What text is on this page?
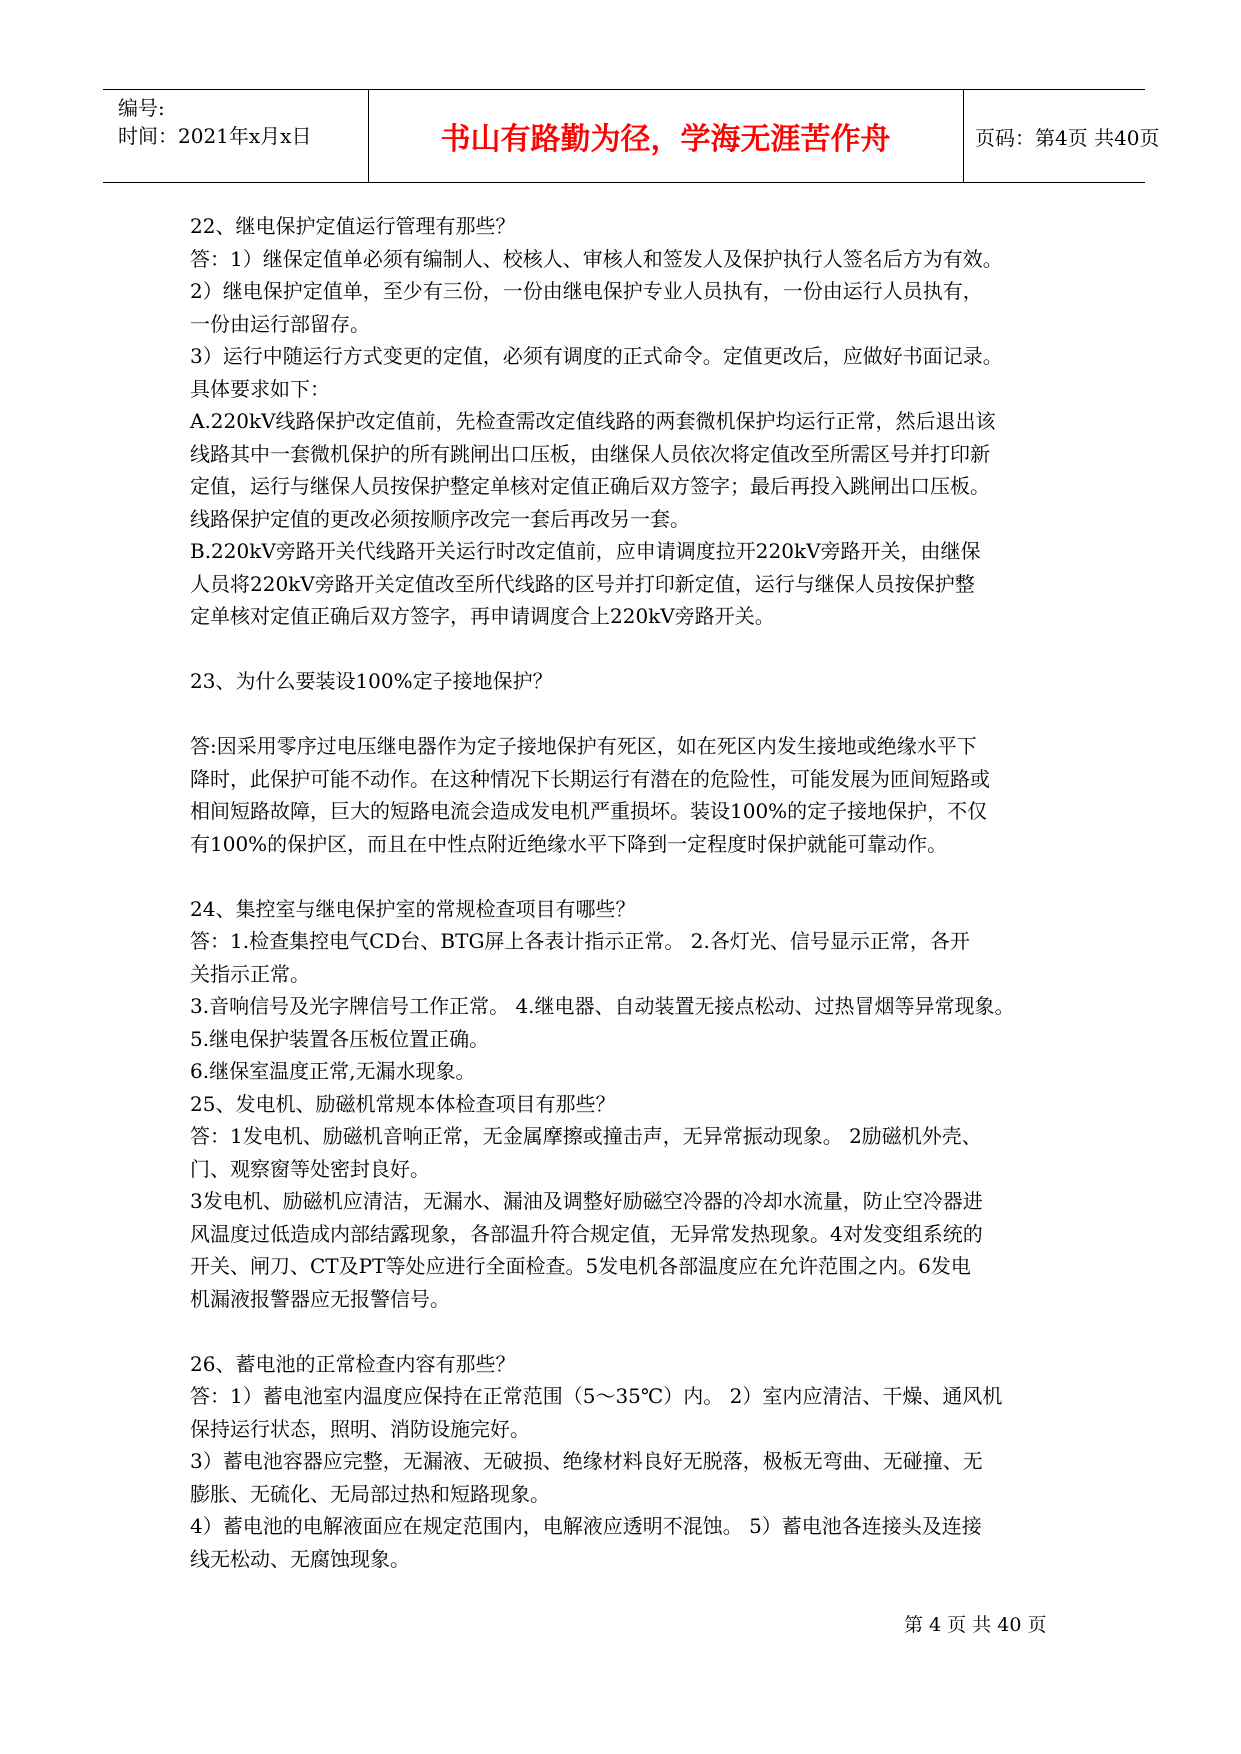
编号:
时间：2021年x月x日	书山有路勤为径，学海无涯苦作舟	页码：第4页 共40页

22、继电保护定值运行管理有那些？

答：1）继保定值单必须有编制人、校核人、审核人和签发人及保护执行人签名后方为有效。

2）继电保护定值单，至少有三份，一份由继电保护专业人员执有，一份由运行人员执有，

一份由运行部留存。

3）运行中随运行方式变更的定值，必须有调度的正式命令。定值更改后，应做好书面记录。

具体要求如下：

A.220kV线路保护改定值前，先检查需改定值线路的两套微机保护均运行正常，然后退出该

线路其中一套微机保护的所有跳闸出口压板，由继保人员依次将定值改至所需区号并打印新

定值，运行与继保人员按保护整定单核对定值正确后双方签字；最后再投入跳闸出口压板。

线路保护定值的更改必须按顺序改完一套后再改另一套。

B.220kV旁路开关代线路开关运行时改定值前，应申请调度拉开220kV旁路开关，由继保

人员将220kV旁路开关定值改至所代线路的区号并打印新定值，运行与继保人员按保护整

定单核对定值正确后双方签字，再申请调度合上220kV旁路开关。

23、为什么要装设100%定子接地保护？

答:因采用零序过电压继电器作为定子接地保护有死区，如在死区内发生接地或绝缘水平下

降时，此保护可能不动作。在这种情况下长期运行有潜在的危险性，可能发展为匝间短路或

相间短路故障，巨大的短路电流会造成发电机严重损坏。装设100%的定子接地保护，不仅

有100%的保护区，而且在中性点附近绝缘水平下降到一定程度时保护就能可靠动作。

24、集控室与继电保护室的常规检查项目有哪些？

答：1.检查集控电气CD台、BTG屏上各表计指示正常。 2.各灯光、信号显示正常，各开

关指示正常。

3.音响信号及光字牌信号工作正常。 4.继电器、自动装置无接点松动、过热冒烟等异常现象。

5.继电保护装置各压板位置正确。

6.继保室温度正常,无漏水现象。

25、发电机、励磁机常规本体检查项目有那些？

答：1发电机、励磁机音响正常，无金属摩擦或撞击声，无异常振动现象。 2励磁机外壳、

门、观察窗等处密封良好。

3发电机、励磁机应清洁，无漏水、漏油及调整好励磁空冷器的冷却水流量，防止空冷器进

风温度过低造成内部结露现象，各部温升符合规定值，无异常发热现象。4对发变组系统的

开关、闸刀、CT及PT等处应进行全面检查。5发电机各部温度应在允许范围之内。6发电

机漏液报警器应无报警信号。

26、蓄电池的正常检查内容有那些？

答：1）蓄电池室内温度应保持在正常范围（5～35℃）内。 2）室内应清洁、干燥、通风机

保持运行状态，照明、消防设施完好。

3）蓄电池容器应完整，无漏液、无破损、绝缘材料良好无脱落，极板无弯曲、无碰撞、无

膨胀、无硫化、无局部过热和短路现象。

4）蓄电池的电解液面应在规定范围内，电解液应透明不混蚀。 5）蓄电池各连接头及连接

线无松动、无腐蚀现象。

第 4 页 共 40 页
